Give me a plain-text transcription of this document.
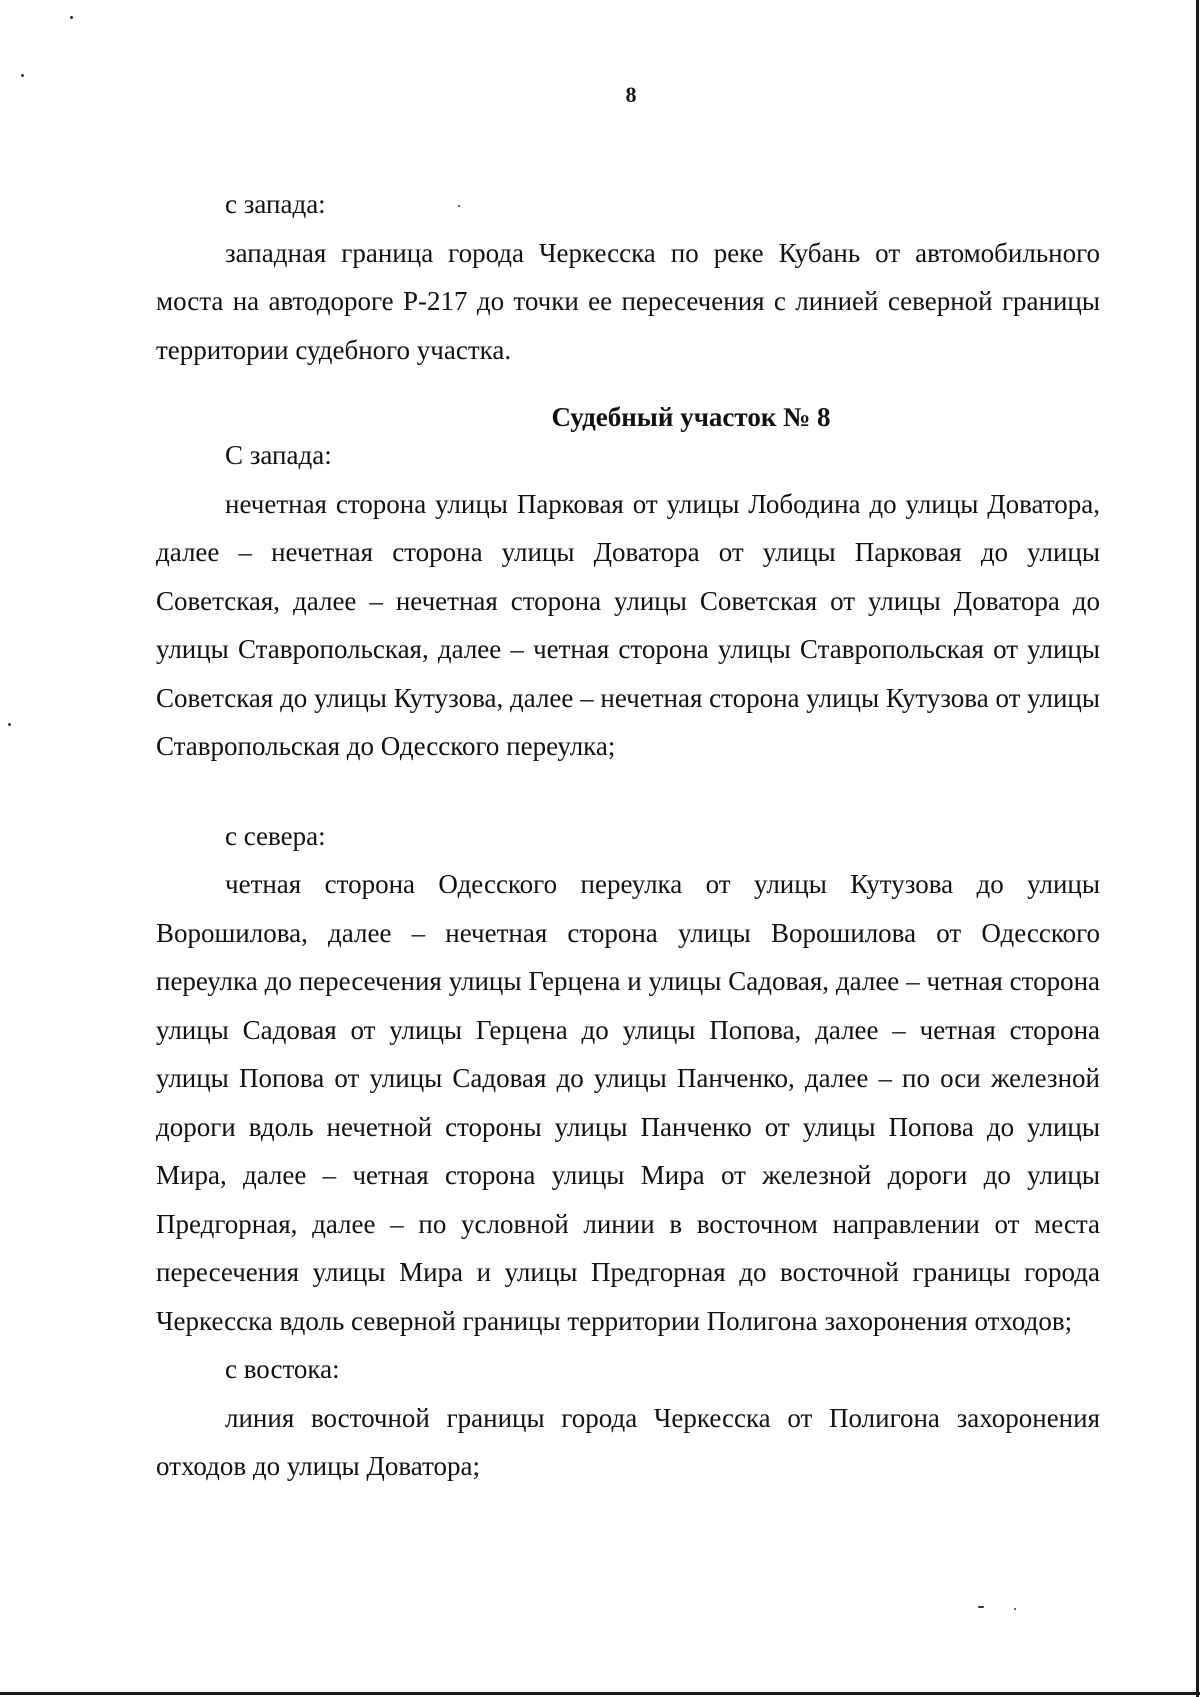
8

с запада:

западная граница города Черкесска по реке Кубань от автомобильного моста на автодороге Р-217 до точки ее пересечения с линией северной границы территории судебного участка.

Судебный участок № 8

С запада:

нечетная сторона улицы Парковая от улицы Лободина до улицы Доватора, далее – нечетная сторона улицы Доватора от улицы Парковая до улицы Советская, далее – нечетная сторона улицы Советская от улицы Доватора до улицы Ставропольская, далее – четная сторона улицы Ставропольская от улицы Советская до улицы Кутузова, далее – нечетная сторона улицы Кутузова от улицы Ставропольская до Одесского переулка;

с севера:

четная сторона Одесского переулка от улицы Кутузова до улицы Ворошилова, далее – нечетная сторона улицы Ворошилова от Одесского переулка до пересечения улицы Герцена и улицы Садовая, далее – четная сторона улицы Садовая от улицы Герцена до улицы Попова, далее – четная сторона улицы Попова от улицы Садовая до улицы Панченко, далее – по оси железной дороги вдоль нечетной стороны улицы Панченко от улицы Попова до улицы Мира, далее – четная сторона улицы Мира от железной дороги до улицы Предгорная, далее – по условной линии в восточном направлении от места пересечения улицы Мира и улицы Предгорная до восточной границы города Черкесска вдоль северной границы территории Полигона захоронения отходов;

с востока:

линия восточной границы города Черкесска от Полигона захоронения отходов до улицы Доватора;
